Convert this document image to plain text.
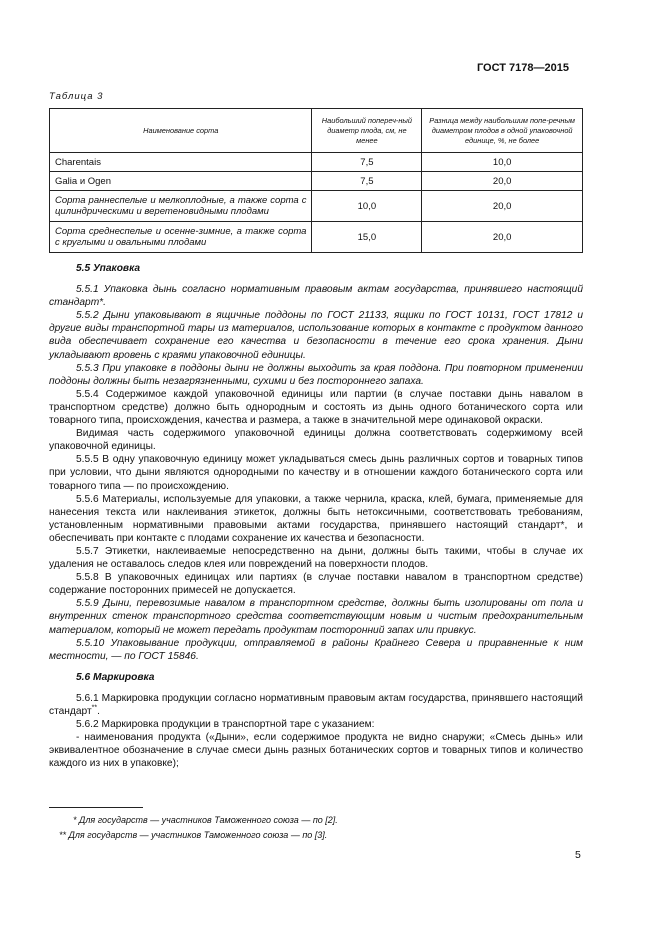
ГОСТ 7178—2015
Таблица 3
Наименование сорта	Наибольший попереч-ный диаметр плода, см, не менее	Разница между наибольшим попе-речным диаметром плодов в одной упаковочной единице, %, не более
Charentais	7,5	10,0
Galia и Ogen	7,5	20,0
Сорта раннеспелые и мелкоплодные, а также сорта с цилиндрическими и веретеновидными плодами	10,0	20,0
Сорта среднеспелые и осенне-зимние, а также сорта с круглыми и овальными плодами	15,0	20,0

5.5 Упаковка

5.5.1 Упаковка дынь согласно нормативным правовым актам государства, принявшего настоящий стандарт*.

5.5.2 Дыни упаковывают в ящичные поддоны по ГОСТ 21133, ящики по ГОСТ 10131, ГОСТ 17812 и другие виды транспортной тары из материалов, использование которых в контакте с продуктом данного вида обеспечивает сохранение его качества и безопасности в течение его срока хранения. Дыни укладывают вровень с краями упаковочной единицы.

5.5.3 При упаковке в поддоны дыни не должны выходить за края поддона. При повторном применении поддоны должны быть незагрязненными, сухими и без постороннего запаха.

5.5.4 Содержимое каждой упаковочной единицы или партии (в случае поставки дынь навалом в транспортном средстве) должно быть однородным и состоять из дынь одного ботанического сорта или товарного типа, происхождения, качества и размера, а также в значительной мере одинаковой окраски.

Видимая часть содержимого упаковочной единицы должна соответствовать содержимому всей упаковочной единицы.

5.5.5 В одну упаковочную единицу может укладываться смесь дынь различных сортов и товарных типов при условии, что дыни являются однородными по качеству и в отношении каждого ботанического сорта или товарного типа — по происхождению.

5.5.6 Материалы, используемые для упаковки, а также чернила, краска, клей, бумага, применяемые для нанесения текста или наклеивания этикеток, должны быть нетоксичными, соответствовать требованиям, установленным нормативными правовыми актами государства, принявшего настоящий стандарт*, и обеспечивать при контакте с плодами сохранение их качества и безопасности.

5.5.7 Этикетки, наклеиваемые непосредственно на дыни, должны быть такими, чтобы в случае их удаления не оставалось следов клея или повреждений на поверхности плодов.

5.5.8 В упаковочных единицах или партиях (в случае поставки навалом в транспортном средстве) содержание посторонних примесей не допускается.

5.5.9 Дыни, перевозимые навалом в транспортном средстве, должны быть изолированы от пола и внутренних стенок транспортного средства соответствующим новым и чистым предохранительным материалом, который не может передать продуктам посторонний запах или привкус.

5.5.10 Упаковывание продукции, отправляемой в районы Крайнего Севера и приравненные к ним местности, — по ГОСТ 15846.

5.6 Маркировка

5.6.1 Маркировка продукции согласно нормативным правовым актам государства, принявшего настоящий стандарт**.

5.6.2 Маркировка продукции в транспортной таре с указанием:

- наименования продукта («Дыни», если содержимое продукта не видно снаружи; «Смесь дынь» или эквивалентное обозначение в случае смеси дынь разных ботанических сортов и товарных типов и количество каждого из них в упаковке);

* Для государств — участников Таможенного союза — по [2].
** Для государств — участников Таможенного союза — по [3].
5
